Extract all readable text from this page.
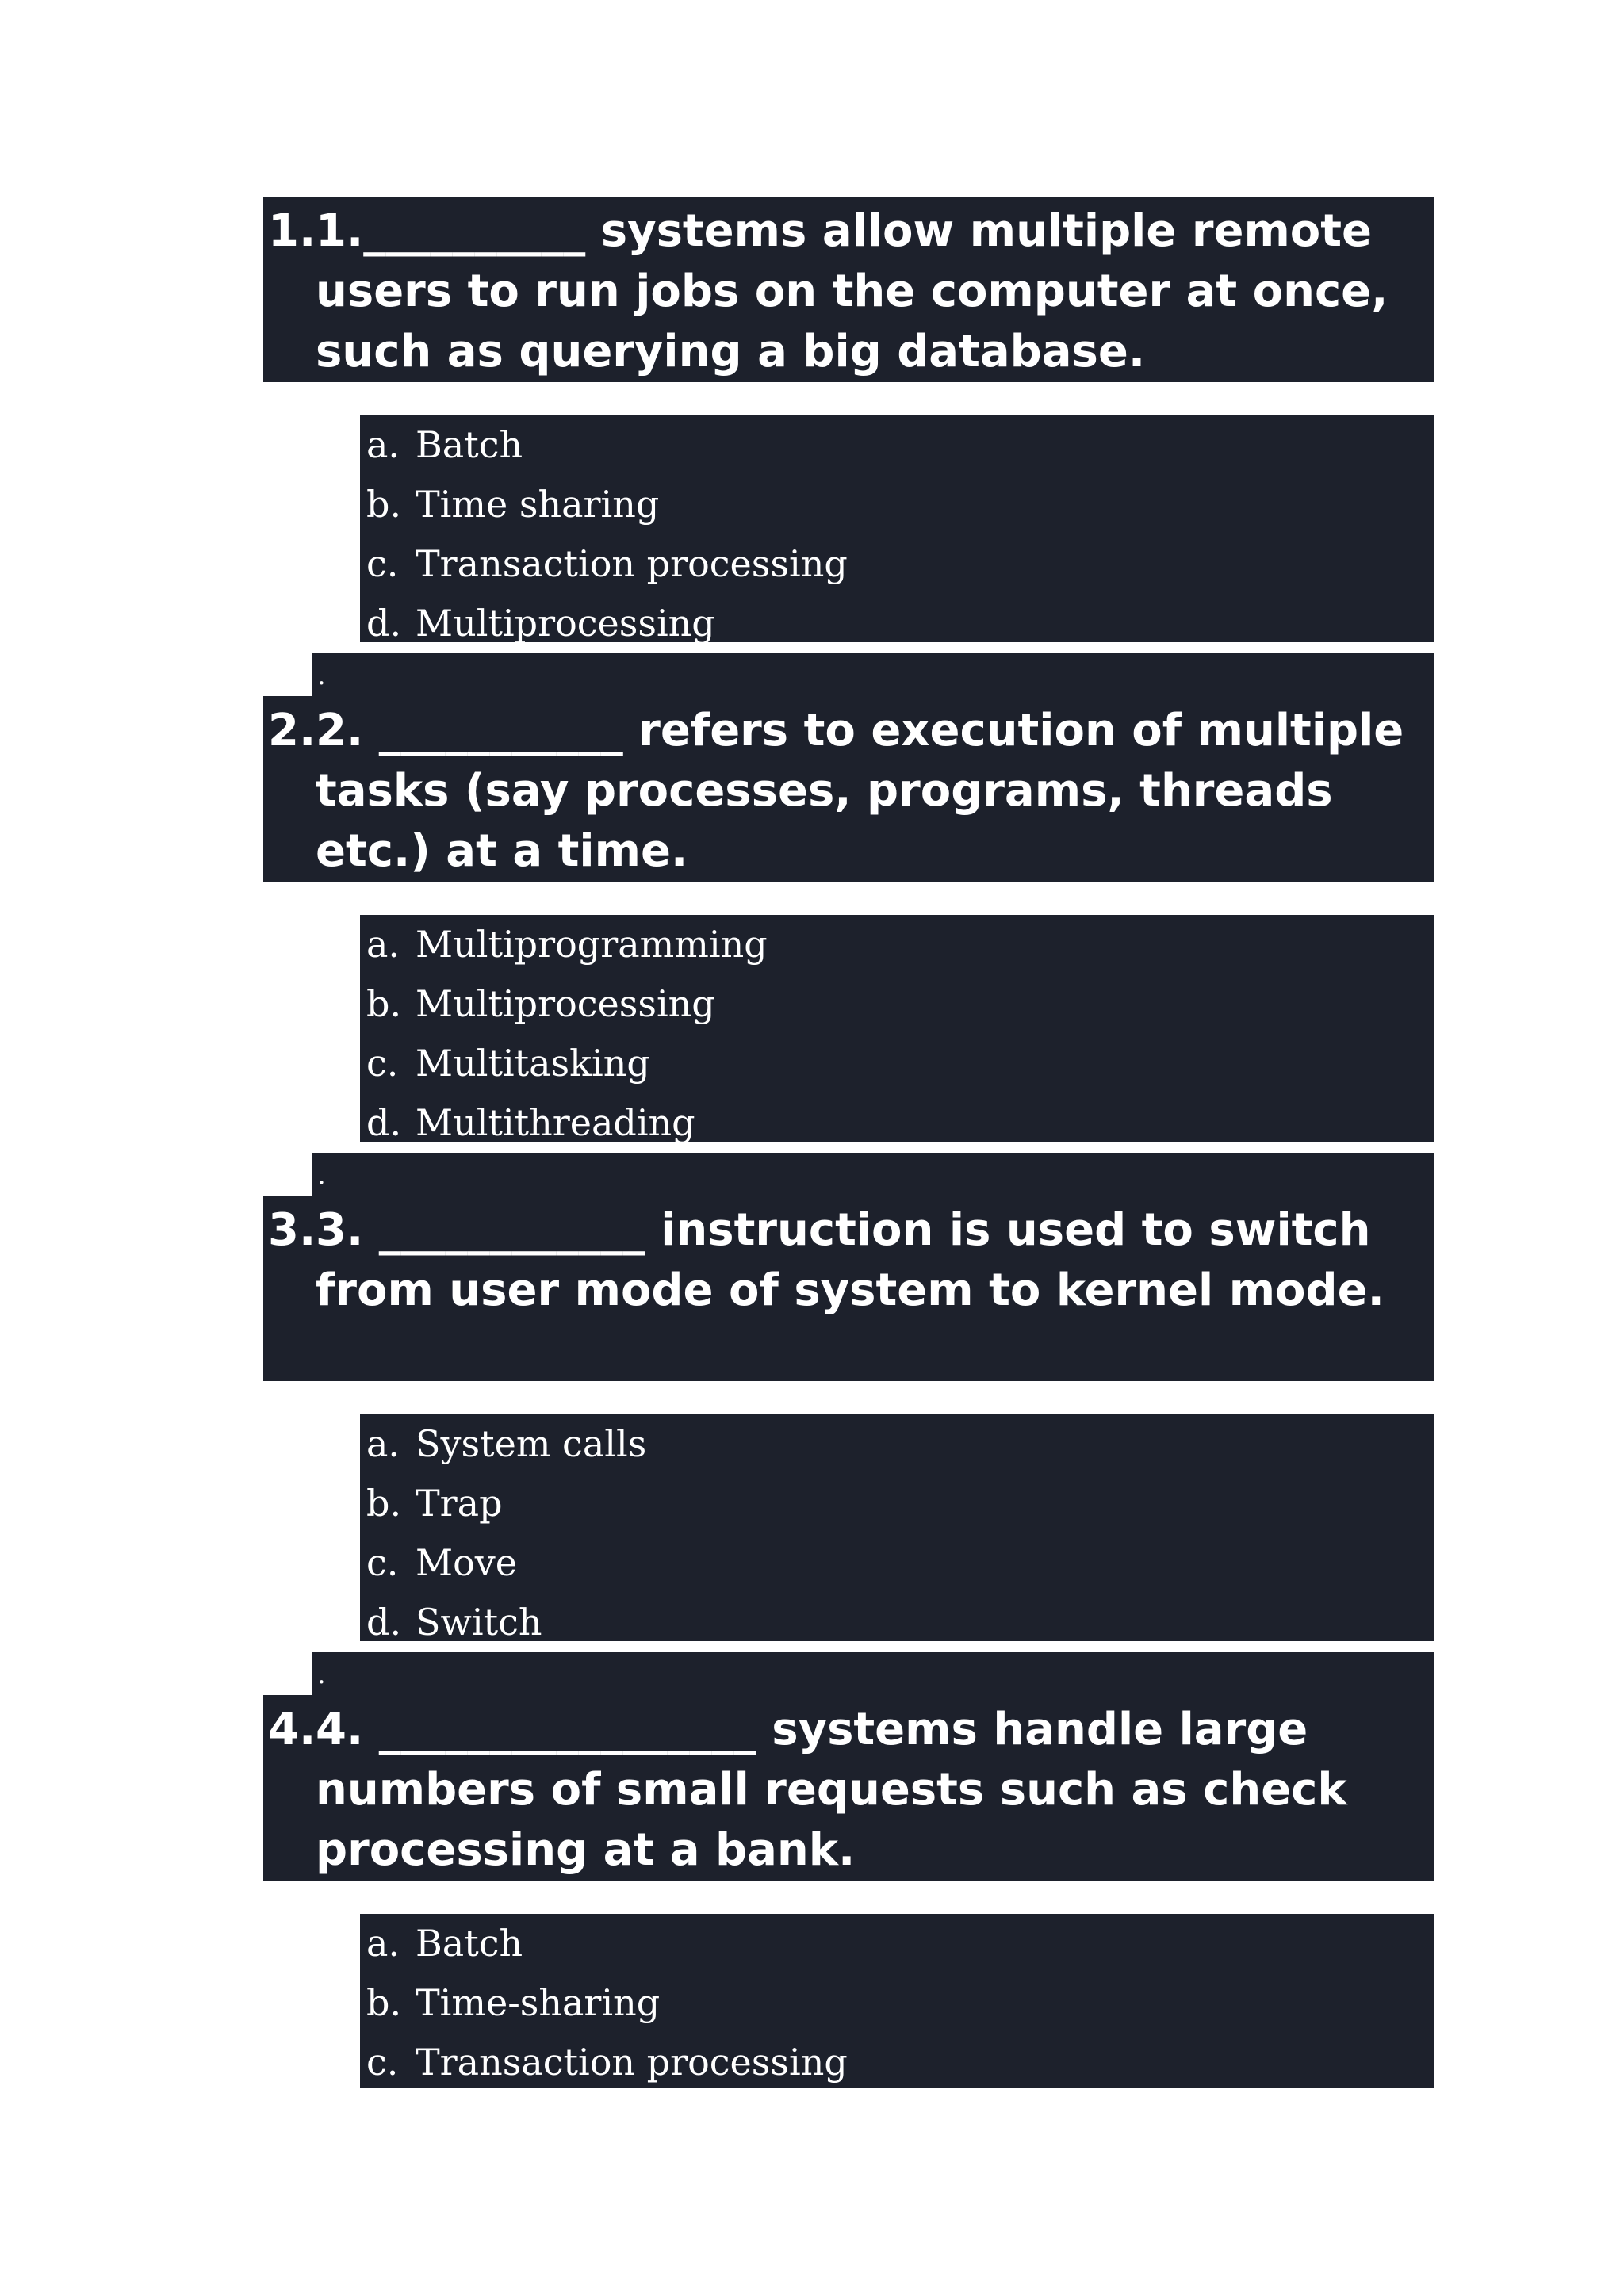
1. 1.__________ systems allow multiple remote users to run jobs on the computer at once, such as querying a big database.
a. Batch
b. Time sharing
c. Transaction processing
d. Multiprocessing
.
2. 2. ___________ refers to execution of multiple tasks (say processes, programs, threads etc.) at a time.
a. Multiprogramming
b. Multiprocessing
c. Multitasking
d. Multithreading
.
3. 3. ____________ instruction is used to switch from user mode of system to kernel mode.
a. System calls
b. Trap
c. Move
d. Switch
.
4. 4. _________________ systems handle large numbers of small requests such as check processing at a bank.
a. Batch
b. Time-sharing
c. Transaction processing
